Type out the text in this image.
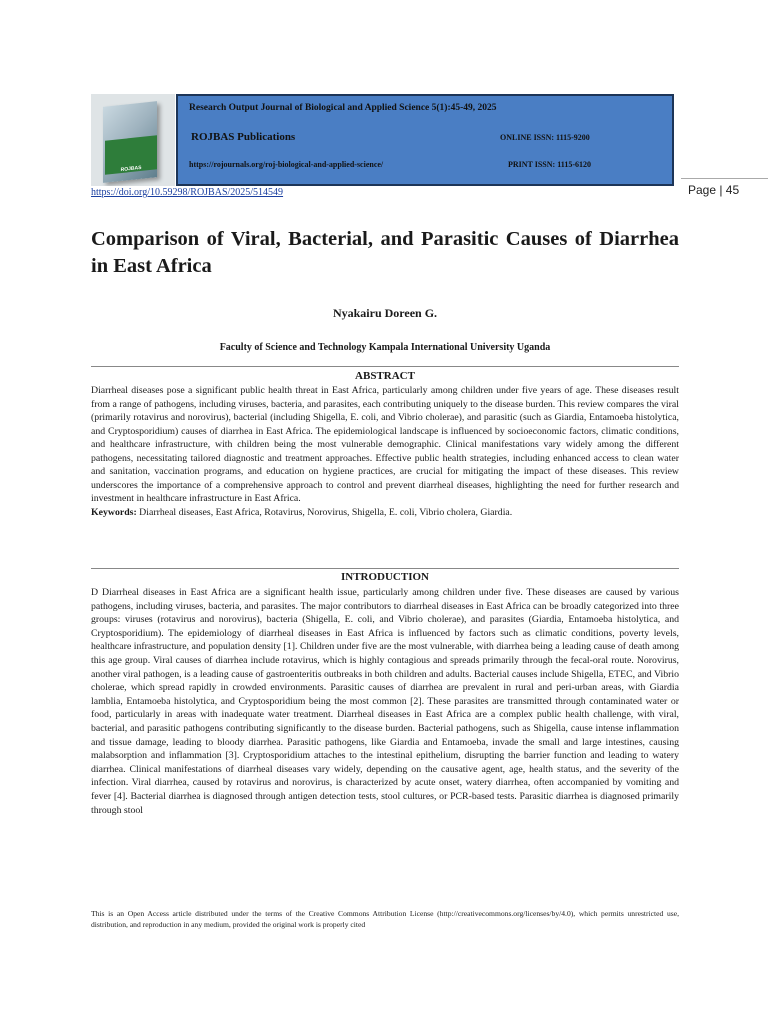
ROJBAS
Research Output Journal of Biological and Applied Science 5(1):45-49, 2025
ROJBAS Publications	ONLINE ISSN: 1115-9200
https://rojournals.org/roj-biological-and-applied-science/	PRINT ISSN: 1115-6120
https://doi.org/10.59298/ROJBAS/2025/514549	Page | 45
Comparison of Viral, Bacterial, and Parasitic Causes of Diarrhea in East Africa
Nyakairu Doreen G.
Faculty of Science and Technology Kampala International University Uganda
ABSTRACT
Diarrheal diseases pose a significant public health threat in East Africa, particularly among children under five years of age. These diseases result from a range of pathogens, including viruses, bacteria, and parasites, each contributing uniquely to the disease burden. This review compares the viral (primarily rotavirus and norovirus), bacterial (including Shigella, E. coli, and Vibrio cholerae), and parasitic (such as Giardia, Entamoeba histolytica, and Cryptosporidium) causes of diarrhea in East Africa. The epidemiological landscape is influenced by socioeconomic factors, climatic conditions, and healthcare infrastructure, with children being the most vulnerable demographic. Clinical manifestations vary widely among the different pathogens, necessitating tailored diagnostic and treatment approaches. Effective public health strategies, including enhanced access to clean water and sanitation, vaccination programs, and education on hygiene practices, are crucial for mitigating the impact of these diseases. This review underscores the importance of a comprehensive approach to control and prevent diarrheal diseases, highlighting the need for further research and investment in healthcare infrastructure in East Africa.
Keywords: Diarrheal diseases, East Africa, Rotavirus, Norovirus, Shigella, E. coli, Vibrio cholera, Giardia.
INTRODUCTION
D Diarrheal diseases in East Africa are a significant health issue, particularly among children under five. These diseases are caused by various pathogens, including viruses, bacteria, and parasites. The major contributors to diarrheal diseases in East Africa can be broadly categorized into three groups: viruses (rotavirus and norovirus), bacteria (Shigella, E. coli, and Vibrio cholerae), and parasites (Giardia, Entamoeba histolytica, and Cryptosporidium). The epidemiology of diarrheal diseases in East Africa is influenced by factors such as climatic conditions, poverty levels, healthcare infrastructure, and population density [1]. Children under five are the most vulnerable, with diarrhea being a leading cause of death among this age group. Viral causes of diarrhea include rotavirus, which is highly contagious and spreads primarily through the fecal-oral route. Norovirus, another viral pathogen, is a leading cause of gastroenteritis outbreaks in both children and adults. Bacterial causes include Shigella, ETEC, and Vibrio cholerae, which spread rapidly in crowded environments. Parasitic causes of diarrhea are prevalent in rural and peri-urban areas, with Giardia lamblia, Entamoeba histolytica, and Cryptosporidium being the most common [2]. These parasites are transmitted through contaminated water or food, particularly in areas with inadequate water treatment. Diarrheal diseases in East Africa are a complex public health challenge, with viral, bacterial, and parasitic pathogens contributing significantly to the disease burden. Bacterial pathogens, such as Shigella, cause intense inflammation and tissue damage, leading to bloody diarrhea. Parasitic pathogens, like Giardia and Entamoeba, invade the small and large intestines, causing malabsorption and inflammation [3]. Cryptosporidium attaches to the intestinal epithelium, disrupting the barrier function and leading to watery diarrhea. Clinical manifestations of diarrheal diseases vary widely, depending on the causative agent, age, health status, and the severity of the infection. Viral diarrhea, caused by rotavirus and norovirus, is characterized by acute onset, watery diarrhea, often accompanied by vomiting and fever [4]. Bacterial diarrhea is diagnosed through antigen detection tests, stool cultures, or PCR-based tests. Parasitic diarrhea is diagnosed primarily through stool
This is an Open Access article distributed under the terms of the Creative Commons Attribution License (http://creativecommons.org/licenses/by/4.0), which permits unrestricted use, distribution, and reproduction in any medium, provided the original work is properly cited
